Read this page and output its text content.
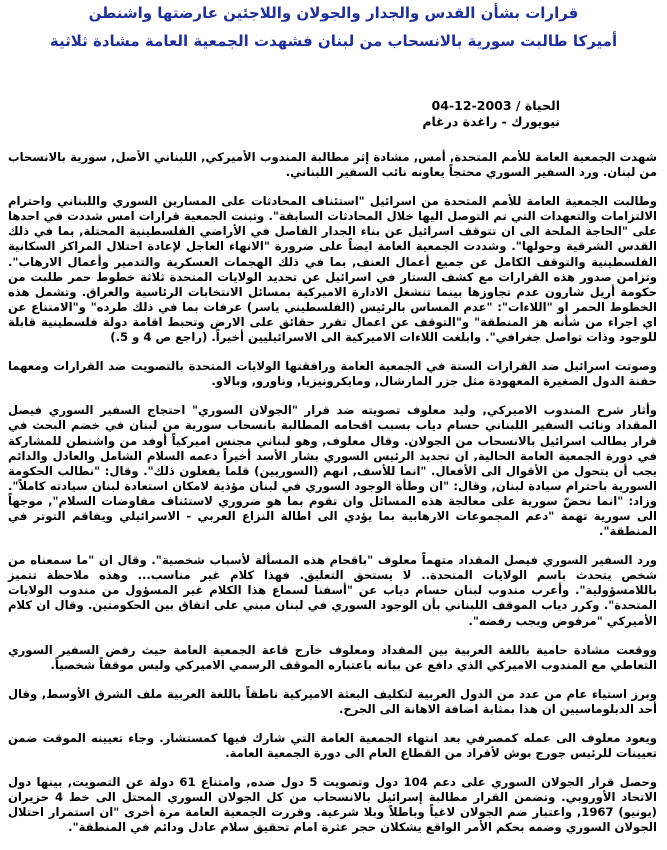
قرارات بشأن القدس والجدار والجولان واللاجئين عارضتها واشنطن
أميركا طالبت سورية بالانسحاب من لبنان فشهدت الجمعية العامة مشادة ثلاثية
الحياة / 2003-12-04
نيويورك - راغدة درغام

شهدت الجمعية العامة للأمم المتحدة, أمس, مشادة إثر مطالبة المندوب الأميركي, اللبناني الأصل, سورية بالانسحاب من لبنان. ورد السفير السوري محتجاً يعاونه نائب السفير اللبناني.

وطالبت الجمعية العامة للأمم المتحدة من اسرائيل "استئناف المحادثات على المسارين السوري واللبناني واحترام الالتزامات والتعهدات التي تم التوصل اليها خلال المحادثات السابقة". وتبنت الجمعية قرارات امس شددت في احدها على "الحاجة الملحة الى ان تتوقف اسرائيل عن بناء الجدار الفاصل في الأراضي الفلسطينية المحتلة, بما في ذلك القدس الشرقية وحولها". وشددت الجمعية العامة ايضاً على ضرورة "الانهاء العاجل لإعادة احتلال المراكز السكانية الفلسطينية والتوقف الكامل عن جميع أعمال العنف, بما في ذلك الهجمات العسكرية والتدمير وأعمال الارهاب". وتزامن صدور هذه القرارات مع كشف الستار في اسرائيل عن تحديد الولايات المتحدة ثلاثة خطوط حمر طلبت من حكومة أريل شارون عدم تجاوزها بينما تنشغل الادارة الاميركية بمسائل الانتخابات الرئاسية والعراق. وتشمل هذه الخطوط الحمر او "اللاءات": "عدم المساس بالرئيس (الفلسطيني ياسر) عرفات بما في ذلك طرده" و"الامتناع عن اي اجراء من شأنه هز المنطقة" و"التوقف عن اعمال تقرر حقائق على الارض وتحبط اقامة دولة فلسطينية قابلة للوجود وذات تواصل جغرافي". وابلغت اللاءات الاميركية الى الاسرائيليين أخيراً. (راجع ص 4 و 5.)

وصوتت اسرائيل ضد القرارات الستة في الجمعية العامة ورافقتها الولايات المتحدة بالتصويت ضد القرارات ومعهما حفنة الدول الصغيرة المعهودة مثل جزر المارشال, ومايكرونيزيا, وناورو, وبالاو.

وأثار شرح المندوب الاميركي, وليد معلوف تصويته ضد قرار "الجولان السوري" احتجاج السفير السوري فيصل المقداد ونائب السفير اللبناني حسام دياب بسبب اقحامه المطالبة بانسحاب سورية من لبنان في خضم البحث في قرار يطالب اسرائيل بالانسحاب من الجولان. وقال معلوف, وهو لبناني مجنس اميركياً أوفد من واشنطن للمشاركة في دورة الجمعية العامة الحالية, ان تجديد الرئيس السوري بشار الأسد أخيراً دعمه السلام الشامل والعادل والدائم يجب أن يتحول من الأقوال الى الأفعال. "انما للأسف, انهم (السوريين) قلما يفعلون ذلك". وقال: "نطالب الحكومة السورية باحترام سيادة لبنان, وقال: "ان وطأة الوجود السوري في لبنان مؤذية لامكان استعادة لبنان سيادته كاملاً". وزاد: "انما نحضّ سورية على معالجة هذه المسائل وان تقوم بما هو ضروري لاستئناف مفاوضات السلام", موجهاً الى سورية تهمة "دعم المجموعات الارهابية بما يؤدي الى اطالة النزاع العربي - الاسرائيلي ويفاقم التوتر في المنطقة".

ورد السفير السوري فيصل المقداد متهماً معلوف "باقحام هذه المسألة لأسباب شخصية". وقال ان "ما سمعناه من شخص يتحدث باسم الولايات المتحدة.. لا يستحق التعليق. فهذا كلام غير مناسب... وهذه ملاحظة تتميز باللامسؤولية". وأعرب مندوب لبنان حسام دياب عن "أسفنا لسماع هذا الكلام غير المسؤول من مندوب الولايات المتحدة". وكرر دياب الموقف اللبناني بأن الوجود السوري في لبنان مبني على اتفاق بين الحكومتين. وقال ان كلام الأميركي "مرفوض ويجب رفضه".

ووقعت مشادة حامية باللغة العربية بين المقداد ومعلوف خارج قاعة الجمعية العامة حيث رفض السفير السوري التعاطي مع المندوب الاميركي الذي دافع عن بيانه باعتباره الموقف الرسمي الاميركي وليس موقفاً شخصياً.

وبرز استياء عام من عدد من الدول العربية لتكليف البعثة الاميركية ناطقاً باللغة العربية ملف الشرق الأوسط, وقال أحد الدبلوماسيين ان هذا بمثابة اضافة الاهانة الى الجرح.

ويعود معلوف الى عمله كمصرفي بعد انتهاء الجمعية العامة التي شارك فيها كمستشار. وجاء تعيينه الموقت ضمن تعيينات للرئيس جورج بوش لأفراد من القطاع العام الى دورة الجمعية العامة.

وحصل قرار الجولان السوري على دعم 104 دول وتصويت 5 دول ضده, وامتناع 61 دولة عن التصويت, بينها دول الاتحاد الأوروبي. وتضمن القرار مطالبة إسرائيل بالانسحاب من كل الجولان السوري المحتل الى خط 4 حزيران (يونيو) 1967, واعتبار ضم الجولان لاغياً وباطلاً وبلا شرعية. وقررت الجمعية العامة مرة أخرى "ان استمرار احتلال الجولان السوري وضمه بحكم الأمر الواقع يشكلان حجر عثرة امام تحقيق سلام عادل ودائم في المنطقة".
